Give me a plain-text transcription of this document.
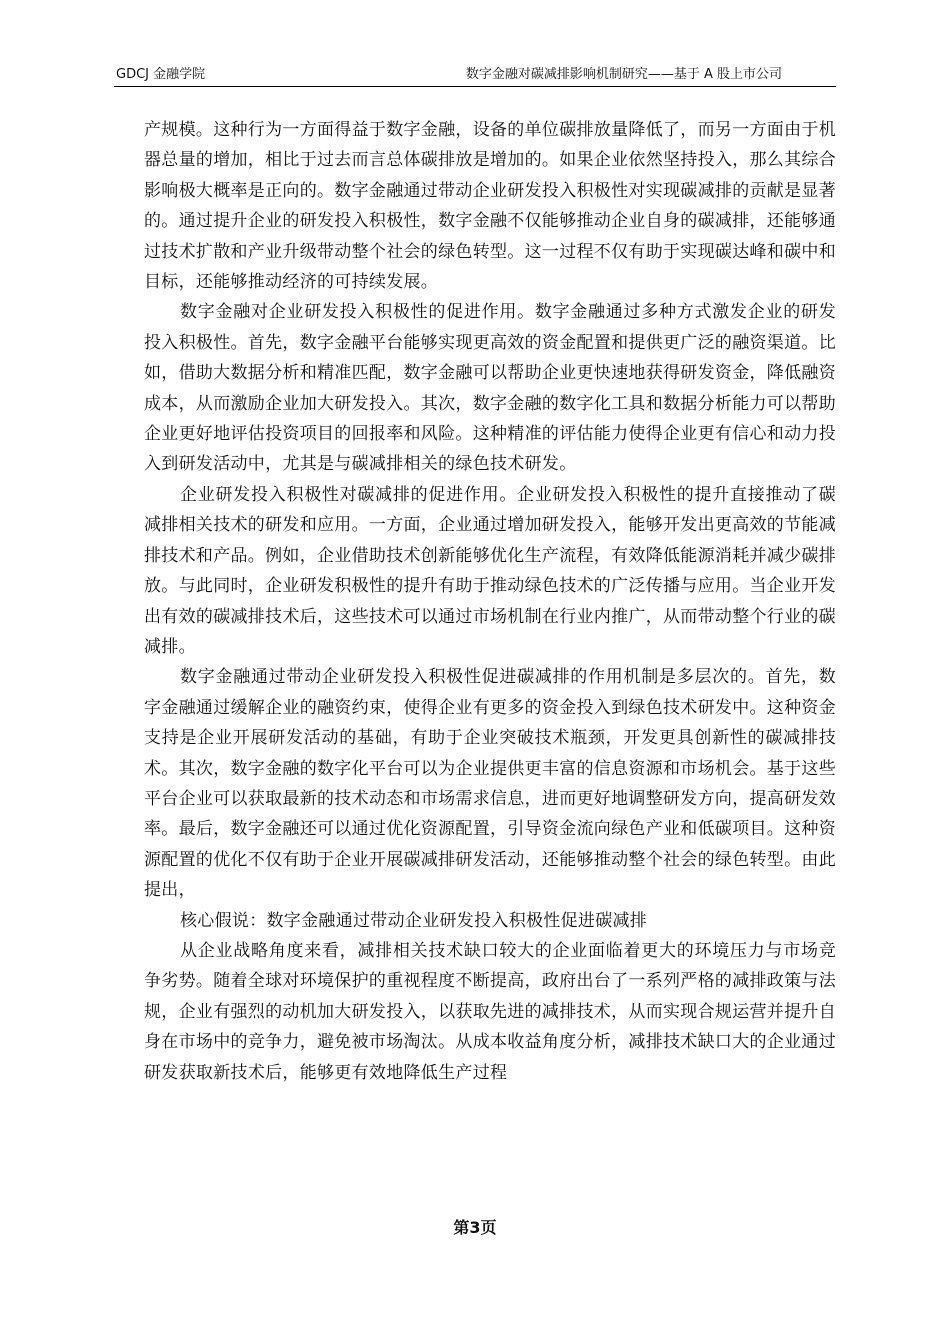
GDCJ 金融学院	数字金融对碳减排影响机制研究——基于 A 股上市公司

产规模。这种行为一方面得益于数字金融，设备的单位碳排放量降低了，而另一方面由于机器总量的增加，相比于过去而言总体碳排放是增加的。如果企业依然坚持投入，那么其综合影响极大概率是正向的。数字金融通过带动企业研发投入积极性对实现碳减排的贡献是显著的。通过提升企业的研发投入积极性，数字金融不仅能够推动企业自身的碳减排，还能够通过技术扩散和产业升级带动整个社会的绿色转型。这一过程不仅有助于实现碳达峰和碳中和目标，还能够推动经济的可持续发展。

数字金融对企业研发投入积极性的促进作用。数字金融通过多种方式激发企业的研发投入积极性。首先，数字金融平台能够实现更高效的资金配置和提供更广泛的融资渠道。比如，借助大数据分析和精准匹配，数字金融可以帮助企业更快速地获得研发资金，降低融资成本，从而激励企业加大研发投入。其次，数字金融的数字化工具和数据分析能力可以帮助企业更好地评估投资项目的回报率和风险。这种精准的评估能力使得企业更有信心和动力投入到研发活动中，尤其是与碳减排相关的绿色技术研发。

企业研发投入积极性对碳减排的促进作用。企业研发投入积极性的提升直接推动了碳减排相关技术的研发和应用。一方面，企业通过增加研发投入，能够开发出更高效的节能减排技术和产品。例如，企业借助技术创新能够优化生产流程，有效降低能源消耗并减少碳排放。与此同时，企业研发积极性的提升有助于推动绿色技术的广泛传播与应用。当企业开发出有效的碳减排技术后，这些技术可以通过市场机制在行业内推广，从而带动整个行业的碳减排。

数字金融通过带动企业研发投入积极性促进碳减排的作用机制是多层次的。首先，数字金融通过缓解企业的融资约束，使得企业有更多的资金投入到绿色技术研发中。这种资金支持是企业开展研发活动的基础，有助于企业突破技术瓶颈，开发更具创新性的碳减排技术。其次，数字金融的数字化平台可以为企业提供更丰富的信息资源和市场机会。基于这些平台企业可以获取最新的技术动态和市场需求信息，进而更好地调整研发方向，提高研发效率。最后，数字金融还可以通过优化资源配置，引导资金流向绿色产业和低碳项目。这种资源配置的优化不仅有助于企业开展碳减排研发活动，还能够推动整个社会的绿色转型。由此提出，

核心假说：数字金融通过带动企业研发投入积极性促进碳减排

从企业战略角度来看，减排相关技术缺口较大的企业面临着更大的环境压力与市场竞争劣势。随着全球对环境保护的重视程度不断提高，政府出台了一系列严格的减排政策与法规，企业有强烈的动机加大研发投入，以获取先进的减排技术，从而实现合规运营并提升自身在市场中的竞争力，避免被市场淘汰。从成本收益角度分析，减排技术缺口大的企业通过研发获取新技术后，能够更有效地降低生产过程

第3页
